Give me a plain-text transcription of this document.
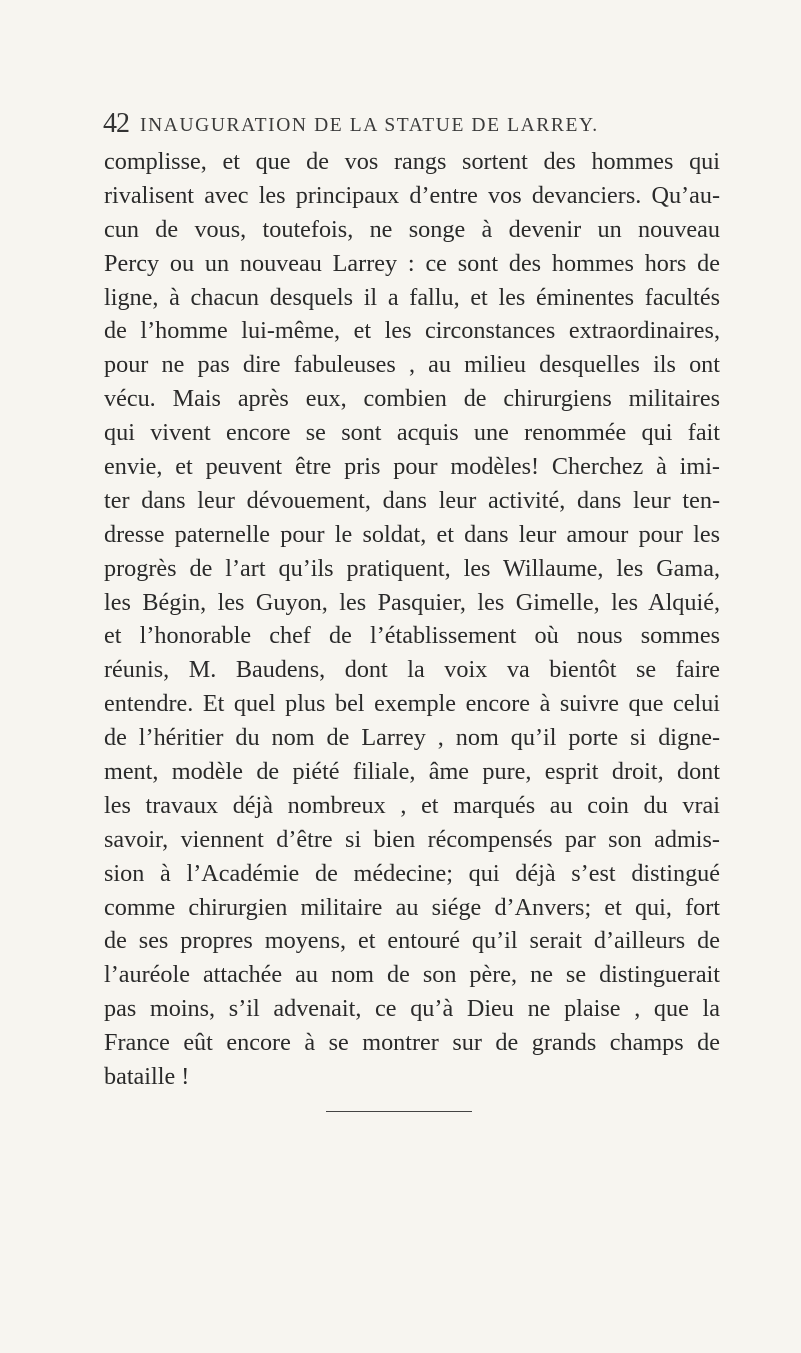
42 INAUGURATION DE LA STATUE DE LARREY.
complisse, et que de vos rangs sortent des hommes qui
rivalisent avec les principaux d’entre vos devanciers. Qu’au-
cun de vous, toutefois, ne songe à devenir un nouveau
Percy ou un nouveau Larrey : ce sont des hommes hors de
ligne, à chacun desquels il a fallu, et les éminentes facultés
de l’homme lui-même, et les circonstances extraordinaires,
pour ne pas dire fabuleuses , au milieu desquelles ils ont
vécu. Mais après eux, combien de chirurgiens militaires
qui vivent encore se sont acquis une renommée qui fait
envie, et peuvent être pris pour modèles! Cherchez à imi-
ter dans leur dévouement, dans leur activité, dans leur ten-
dresse paternelle pour le soldat, et dans leur amour pour les
progrès de l’art qu’ils pratiquent, les Willaume, les Gama,
les Bégin, les Guyon, les Pasquier, les Gimelle, les Alquié,
et l’honorable chef de l’établissement où nous sommes
réunis, M. Baudens, dont la voix va bientôt se faire
entendre. Et quel plus bel exemple encore à suivre que celui
de l’héritier du nom de Larrey , nom qu’il porte si digne-
ment, modèle de piété filiale, âme pure, esprit droit, dont
les travaux déjà nombreux , et marqués au coin du vrai
savoir, viennent d’être si bien récompensés par son admis-
sion à l’Académie de médecine; qui déjà s’est distingué
comme chirurgien militaire au siége d’Anvers; et qui, fort
de ses propres moyens, et entouré qu’il serait d’ailleurs de
l’auréole attachée au nom de son père, ne se distinguerait
pas moins, s’il advenait, ce qu’à Dieu ne plaise , que la
France eût encore à se montrer sur de grands champs de
bataille !
